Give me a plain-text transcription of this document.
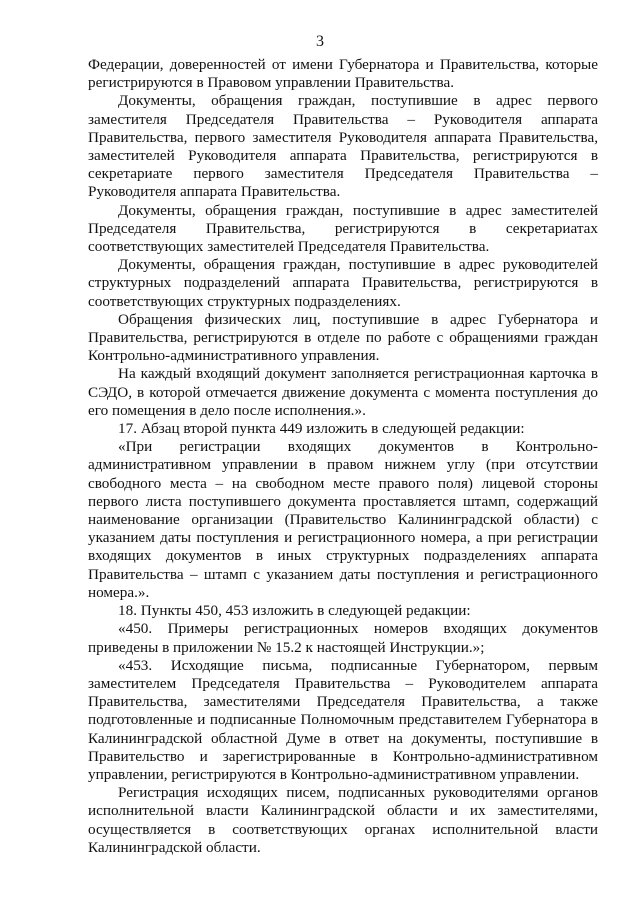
3

Федерации, доверенностей от имени Губернатора и Правительства, которые регистрируются в Правовом управлении Правительства.

Документы, обращения граждан, поступившие в адрес первого заместителя Председателя Правительства – Руководителя аппарата Правительства, первого заместителя Руководителя аппарата Правительства, заместителей Руководителя аппарата Правительства, регистрируются в секретариате первого заместителя Председателя Правительства – Руководителя аппарата Правительства.

Документы, обращения граждан, поступившие в адрес заместителей Председателя Правительства, регистрируются в секретариатах соответствующих заместителей Председателя Правительства.

Документы, обращения граждан, поступившие в адрес руководителей структурных подразделений аппарата Правительства, регистрируются в соответствующих структурных подразделениях.

Обращения физических лиц, поступившие в адрес Губернатора и Правительства, регистрируются в отделе по работе с обращениями граждан Контрольно-административного управления.

На каждый входящий документ заполняется регистрационная карточка в СЭДО, в которой отмечается движение документа с момента поступления до его помещения в дело после исполнения.».

17. Абзац второй пункта 449 изложить в следующей редакции:

«При регистрации входящих документов в Контрольно-административном управлении в правом нижнем углу (при отсутствии свободного места – на свободном месте правого поля) лицевой стороны первого листа поступившего документа проставляется штамп, содержащий наименование организации (Правительство Калининградской области) с указанием даты поступления и регистрационного номера, а при регистрации входящих документов в иных структурных подразделениях аппарата Правительства – штамп с указанием даты поступления и регистрационного номера.».

18. Пункты 450, 453 изложить в следующей редакции:

«450. Примеры регистрационных номеров входящих документов приведены в приложении № 15.2 к настоящей Инструкции.»;

«453. Исходящие письма, подписанные Губернатором, первым заместителем Председателя Правительства – Руководителем аппарата Правительства, заместителями Председателя Правительства, а также подготовленные и подписанные Полномочным представителем Губернатора в Калининградской областной Думе в ответ на документы, поступившие в Правительство и зарегистрированные в Контрольно-административном управлении, регистрируются в Контрольно-административном управлении.

Регистрация исходящих писем, подписанных руководителями органов исполнительной власти Калининградской области и их заместителями, осуществляется в соответствующих органах исполнительной власти Калининградской области.
